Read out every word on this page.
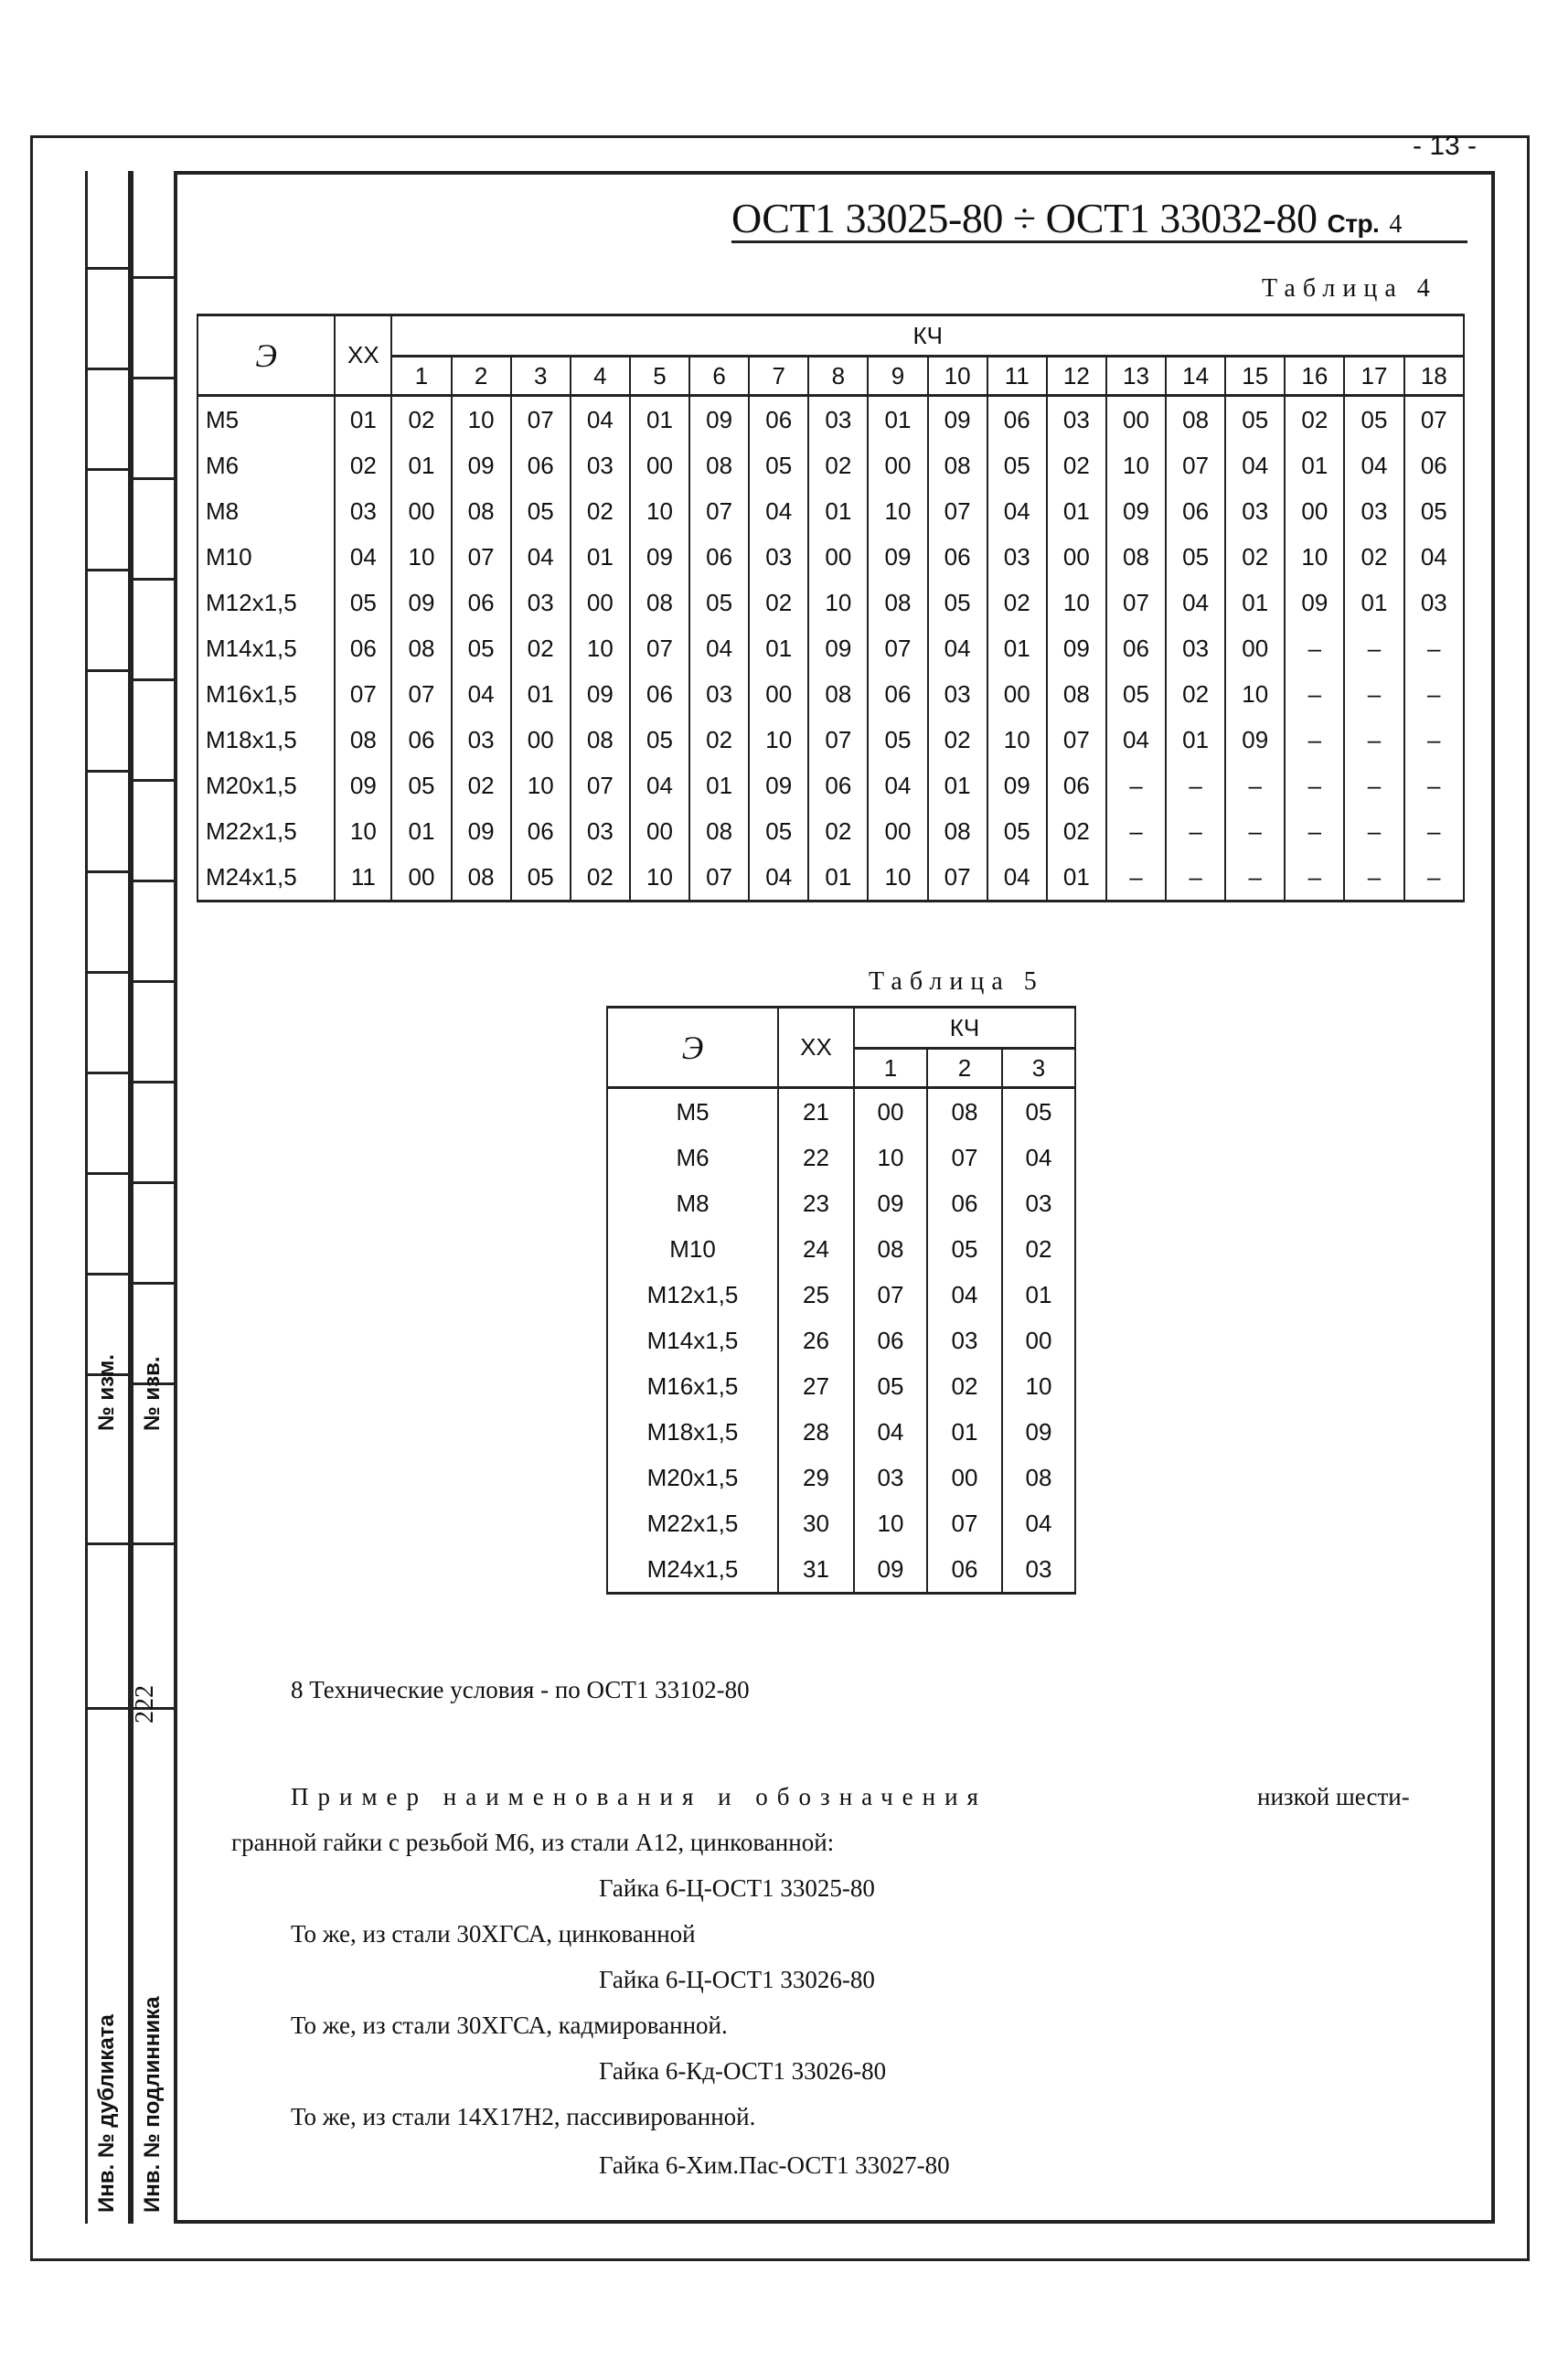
№ изм. № изв.
Инв. № дубликата Инв. № подлинника
222
- 13 -
ОСТ1 33025-80 ÷ ОСТ1 33032-80 Стр. 4
Таблица 4
Э	ХХ	КЧ																	
		1	2	3	4	5	6	7	8	9	10	11	12	13	14	15	16	17	18
М5	01	02	10	07	04	01	09	06	03	01	09	06	03	00	08	05	02	05	07
М6	02	01	09	06	03	00	08	05	02	00	08	05	02	10	07	04	01	04	06
М8	03	00	08	05	02	10	07	04	01	10	07	04	01	09	06	03	00	03	05
М10	04	10	07	04	01	09	06	03	00	09	06	03	00	08	05	02	10	02	04
М12х1,5	05	09	06	03	00	08	05	02	10	08	05	02	10	07	04	01	09	01	03
М14х1,5	06	08	05	02	10	07	04	01	09	07	04	01	09	06	03	00	–	–	–
М16х1,5	07	07	04	01	09	06	03	00	08	06	03	00	08	05	02	10	–	–	–
М18х1,5	08	06	03	00	08	05	02	10	07	05	02	10	07	04	01	09	–	–	–
М20х1,5	09	05	02	10	07	04	01	09	06	04	01	09	06	–	–	–	–	–	–
М22х1,5	10	01	09	06	03	00	08	05	02	00	08	05	02	–	–	–	–	–	–
М24х1,5	11	00	08	05	02	10	07	04	01	10	07	04	01	–	–	–	–	–	–
Таблица 5
Э	ХХ	КЧ		
		1	2	3
М5	21	00	08	05
М6	22	10	07	04
М8	23	09	06	03
М10	24	08	05	02
М12х1,5	25	07	04	01
М14х1,5	26	06	03	00
М16х1,5	27	05	02	10
М18х1,5	28	04	01	09
М20х1,5	29	03	00	08
М22х1,5	30	10	07	04
М24х1,5	31	09	06	03
8 Технические условия - по ОСТ1 33102-80
Пример наименования и обозначения	низкой шести-
гранной гайки с резьбой М6, из стали А12, цинкованной:
Гайка 6-Ц-ОСТ1 33025-80
То же, из стали 30ХГСА, цинкованной
Гайка 6-Ц-ОСТ1 33026-80
То же, из стали 30ХГСА, кадмированной.
Гайка 6-Кд-ОСТ1 33026-80
То же, из стали 14Х17Н2, пассивированной.
Гайка 6-Хим.Пас-ОСТ1 33027-80
